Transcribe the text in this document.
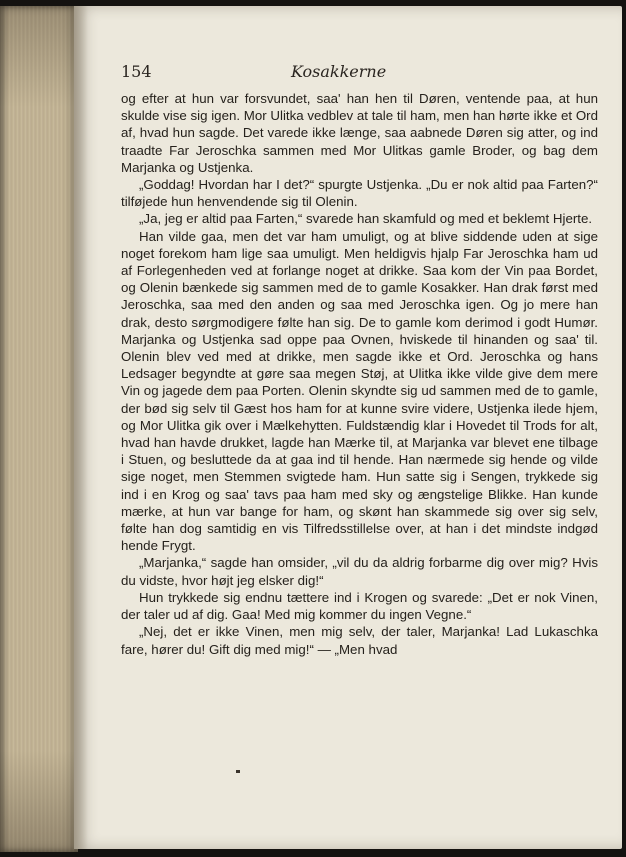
154	Kosakkerne

og efter at hun var forsvundet, saa' han hen til Døren, ventende paa, at hun skulde vise sig igen. Mor Ulitka vedblev at tale til ham, men han hørte ikke et Ord af, hvad hun sagde. Det varede ikke længe, saa aabnede Døren sig atter, og ind traadte Far Jeroschka sammen med Mor Ulitkas gamle Broder, og bag dem Marjanka og Ustjenka.

„Goddag! Hvordan har I det?“ spurgte Ustjenka. „Du er nok altid paa Farten?“ tilføjede hun henvendende sig til Olenin.

„Ja, jeg er altid paa Farten,“ svarede han skamfuld og med et beklemt Hjerte.

Han vilde gaa, men det var ham umuligt, og at blive siddende uden at sige noget forekom ham lige saa umuligt. Men heldigvis hjalp Far Jeroschka ham ud af Forlegenheden ved at forlange noget at drikke. Saa kom der Vin paa Bordet, og Olenin bænkede sig sammen med de to gamle Kosakker. Han drak først med Jeroschka, saa med den anden og saa med Jeroschka igen. Og jo mere han drak, desto sørgmodigere følte han sig. De to gamle kom derimod i godt Humør. Marjanka og Ustjenka sad oppe paa Ovnen, hviskede til hinanden og saa' til. Olenin blev ved med at drikke, men sagde ikke et Ord. Jeroschka og hans Ledsager begyndte at gøre saa megen Støj, at Ulitka ikke vilde give dem mere Vin og jagede dem paa Porten. Olenin skyndte sig ud sammen med de to gamle, der bød sig selv til Gæst hos ham for at kunne svire videre, Ustjenka ilede hjem, og Mor Ulitka gik over i Mælkehytten. Fuldstændig klar i Hovedet til Trods for alt, hvad han havde drukket, lagde han Mærke til, at Marjanka var blevet ene tilbage i Stuen, og besluttede da at gaa ind til hende. Han nærmede sig hende og vilde sige noget, men Stemmen svigtede ham. Hun satte sig i Sengen, trykkede sig ind i en Krog og saa' tavs paa ham med sky og ængstelige Blikke. Han kunde mærke, at hun var bange for ham, og skønt han skammede sig over sig selv, følte han dog samtidig en vis Tilfredsstillelse over, at han i det mindste indgød hende Frygt.

„Marjanka,“ sagde han omsider, „vil du da aldrig forbarme dig over mig? Hvis du vidste, hvor højt jeg elsker dig!“

Hun trykkede sig endnu tættere ind i Krogen og svarede: „Det er nok Vinen, der taler ud af dig. Gaa! Med mig kommer du ingen Vegne.“

„Nej, det er ikke Vinen, men mig selv, der taler, Marjanka! Lad Lukaschka fare, hører du! Gift dig med mig!“ — „Men hvad
